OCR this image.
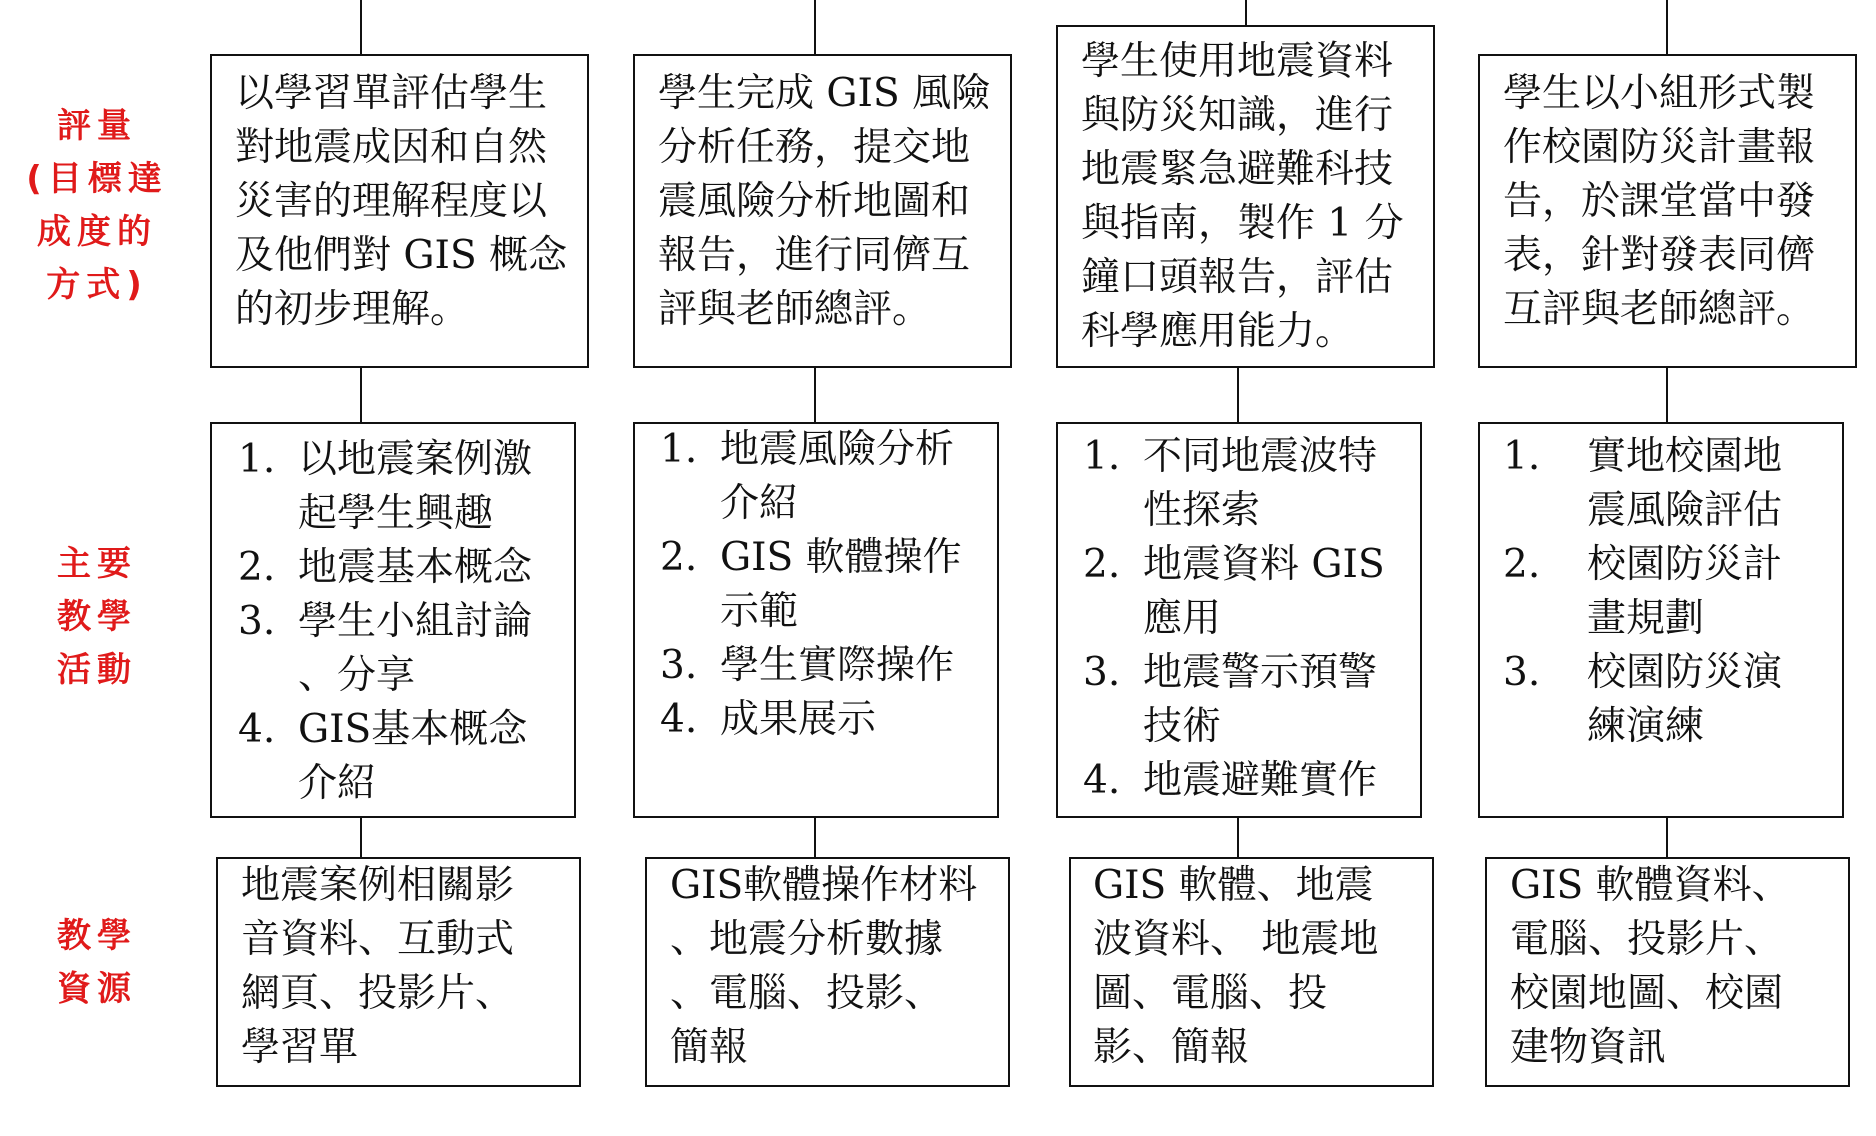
評量
(目標達
成度的
方式)
主要
教學
活動
教學
資源
以學習單評估學生
對地震成因和自然
災害的理解程度以
及他們對 GIS 概念
的初步理解。
1. 以地震案例激
起學生興趣
2. 地震基本概念
3. 學生小組討論
、分享
4. GIS基本概念
介紹
地震案例相關影
音資料、互動式
網頁、投影片、
學習單
學生完成 GIS 風險
分析任務，提交地
震風險分析地圖和
報告，進行同儕互
評與老師總評。
1. 地震風險分析
介紹
2. GIS 軟體操作
示範
3. 學生實際操作
4. 成果展示
GIS軟體操作材料
、地震分析數據
、電腦、投影、
簡報
學生使用地震資料
與防災知識，進行
地震緊急避難科技
與指南，製作 1 分
鐘口頭報告，評估
科學應用能力。
1. 不同地震波特
性探索
2. 地震資料 GIS
應用
3. 地震警示預警
技術
4. 地震避難實作
GIS 軟體、地震
波資料、 地震地
圖、電腦、投
影、簡報
學生以小組形式製
作校園防災計畫報
告，於課堂當中發
表，針對發表同儕
互評與老師總評。
1. 實地校園地
震風險評估
2. 校園防災計
畫規劃
3. 校園防災演
練演練
GIS 軟體資料、
電腦、投影片、
校園地圖、校園
建物資訊
